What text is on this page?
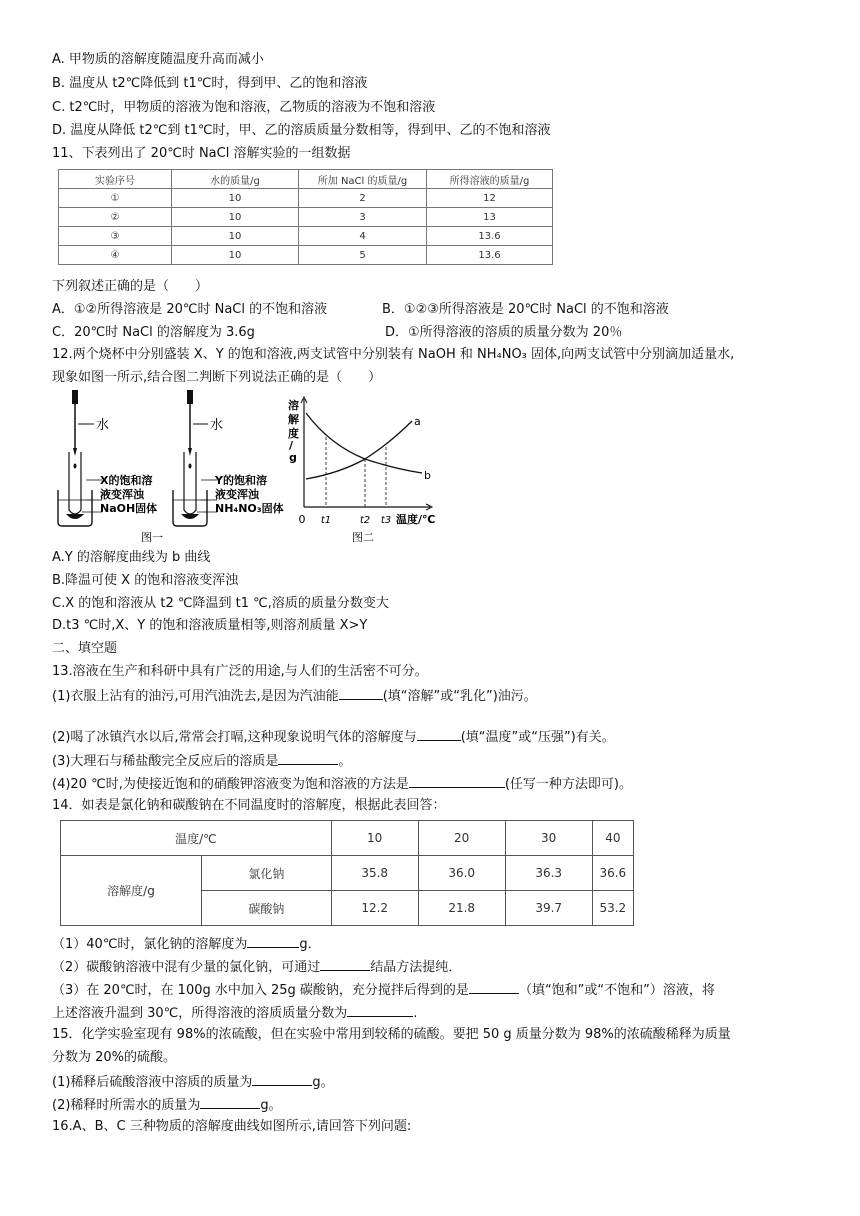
A. 甲物质的溶解度随温度升高而减小
B. 温度从 t2℃降低到 t1℃时，得到甲、乙的饱和溶液
C. t2℃时，甲物质的溶液为饱和溶液，乙物质的溶液为不饱和溶液
D. 温度从降低 t2℃到 t1℃时，甲、乙的溶质质量分数相等，得到甲、乙的不饱和溶液
11、下表列出了 20℃时 NaCl 溶解实验的一组数据
实验序号	水的质量/g	所加 NaCl 的质量/g	所得溶液的质量/g
①	10	2	12
②	10	3	13
③	10	4	13.6
④	10	5	13.6
下列叙述正确的是（　　）
A．①②所得溶液是 20℃时 NaCl 的不饱和溶液	B．①②③所得溶液是 20℃时 NaCl 的不饱和溶液
C．20℃时 NaCl 的溶解度为 3.6g	D．①所得溶液的溶质的质量分数为 20％
12.两个烧杯中分别盛装 X、Y 的饱和溶液,两支试管中分别装有 NaOH 和 NH₄NO₃ 固体,向两支试管中分别滴加适量水,
现象如图一所示,结合图二判断下列说法正确的是（　　）
水
X的饱和溶
液变浑浊
NaOH固体
水
Y的饱和溶
液变浑浊
NH₄NO₃固体
图一
溶
解
度
/
g
a
b
0 t1	t2 t3 温度/℃
图二
A.Y 的溶解度曲线为 b 曲线
B.降温可使 X 的饱和溶液变浑浊
C.X 的饱和溶液从 t2 ℃降温到 t1 ℃,溶质的质量分数变大
D.t3 ℃时,X、Y 的饱和溶液质量相等,则溶剂质量 X>Y
二、填空题
13.溶液在生产和科研中具有广泛的用途,与人们的生活密不可分。
(1)衣服上沾有的油污,可用汽油洗去,是因为汽油能	(填“溶解”或“乳化”)油污。
(2)喝了冰镇汽水以后,常常会打嗝,这种现象说明气体的溶解度与	(填“温度”或“压强”)有关。
(3)大理石与稀盐酸完全反应后的溶质是	。
(4)20 ℃时,为使接近饱和的硝酸钾溶液变为饱和溶液的方法是	(任写一种方法即可)。
14．如表是氯化钠和碳酸钠在不同温度时的溶解度，根据此表回答：
温度/℃		10	20	30	40
溶解度/g	氯化钠	35.8	36.0	36.3	36.6
	碳酸钠	12.2	21.8	39.7	53.2
（1）40℃时，氯化钠的溶解度为	g．
（2）碳酸钠溶液中混有少量的氯化钠，可通过	结晶方法提纯．
（3）在 20℃时，在 100g 水中加入 25g 碳酸钠，充分搅拌后得到的是	（填“饱和”或“不饱和”）溶液，将
上述溶液升温到 30℃，所得溶液的溶质质量分数为	.
15．化学实验室现有 98%的浓硫酸，但在实验中常用到较稀的硫酸。要把 50 g 质量分数为 98%的浓硫酸稀释为质量
分数为 20%的硫酸。
(1)稀释后硫酸溶液中溶质的质量为	g。
(2)稀释时所需水的质量为	g。
16.A、B、C 三种物质的溶解度曲线如图所示,请回答下列问题:
